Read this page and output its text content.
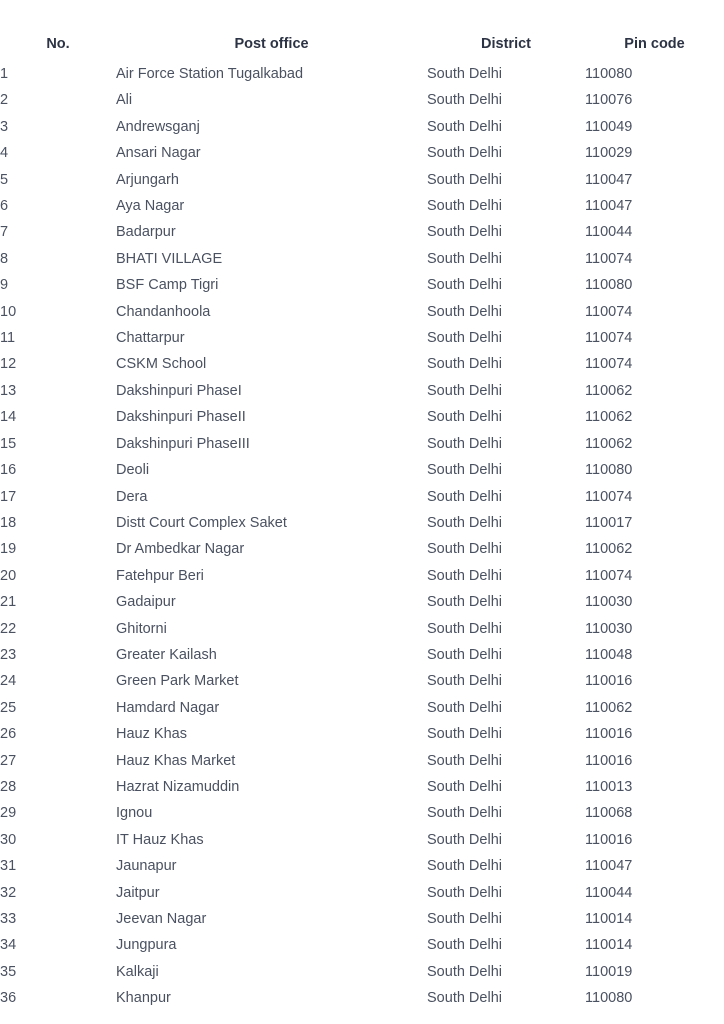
No.	Post office	District	Pin code
1	Air Force Station Tugalkabad	South Delhi	110080
2	Ali	South Delhi	110076
3	Andrewsganj	South Delhi	110049
4	Ansari Nagar	South Delhi	110029
5	Arjungarh	South Delhi	110047
6	Aya Nagar	South Delhi	110047
7	Badarpur	South Delhi	110044
8	BHATI VILLAGE	South Delhi	110074
9	BSF Camp Tigri	South Delhi	110080
10	Chandanhoola	South Delhi	110074
11	Chattarpur	South Delhi	110074
12	CSKM School	South Delhi	110074
13	Dakshinpuri PhaseI	South Delhi	110062
14	Dakshinpuri PhaseII	South Delhi	110062
15	Dakshinpuri PhaseIII	South Delhi	110062
16	Deoli	South Delhi	110080
17	Dera	South Delhi	110074
18	Distt Court Complex Saket	South Delhi	110017
19	Dr Ambedkar Nagar	South Delhi	110062
20	Fatehpur Beri	South Delhi	110074
21	Gadaipur	South Delhi	110030
22	Ghitorni	South Delhi	110030
23	Greater Kailash	South Delhi	110048
24	Green Park Market	South Delhi	110016
25	Hamdard Nagar	South Delhi	110062
26	Hauz Khas	South Delhi	110016
27	Hauz Khas Market	South Delhi	110016
28	Hazrat Nizamuddin	South Delhi	110013
29	Ignou	South Delhi	110068
30	IT Hauz Khas	South Delhi	110016
31	Jaunapur	South Delhi	110047
32	Jaitpur	South Delhi	110044
33	Jeevan Nagar	South Delhi	110014
34	Jungpura	South Delhi	110014
35	Kalkaji	South Delhi	110019
36	Khanpur	South Delhi	110080
